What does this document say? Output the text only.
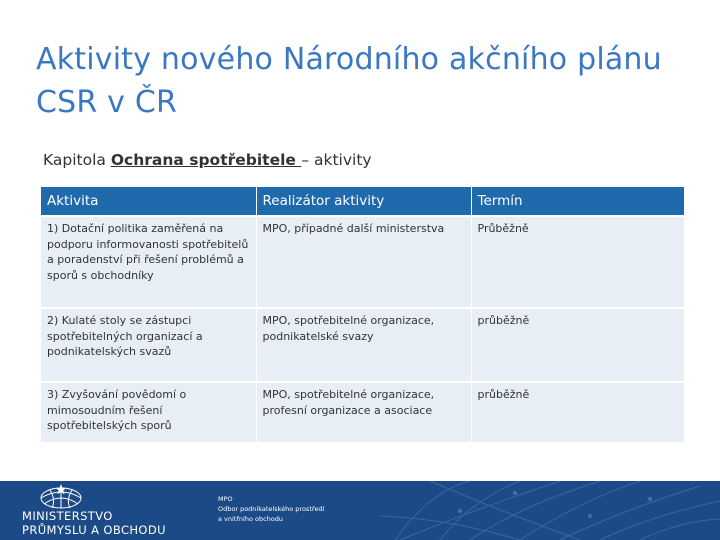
Aktivity nového Národního akčního plánu CSR v ČR
Kapitola Ochrana spotřebitele – aktivity
Aktivita	Realizátor aktivity	Termín
1) Dotační politika zaměřená na podporu informovanosti spotřebitelů a poradenství při řešení problémů a sporů s obchodníky	MPO, případné další ministerstva	Průběžně
2) Kulaté stoly se zástupci spotřebitelných organizací a podnikatelských svazů	MPO, spotřebitelné organizace, podnikatelské svazy	průběžně
3) Zvyšování povědomí o mimosoudním řešení spotřebitelských sporů	MPO, spotřebitelné organizace, profesní organizace a asociace	průběžně
MINISTERSTVO
PRŮMYSLU A OBCHODU
MPO
Odbor podnikatelského prostředí
a vnitřního obchodu
